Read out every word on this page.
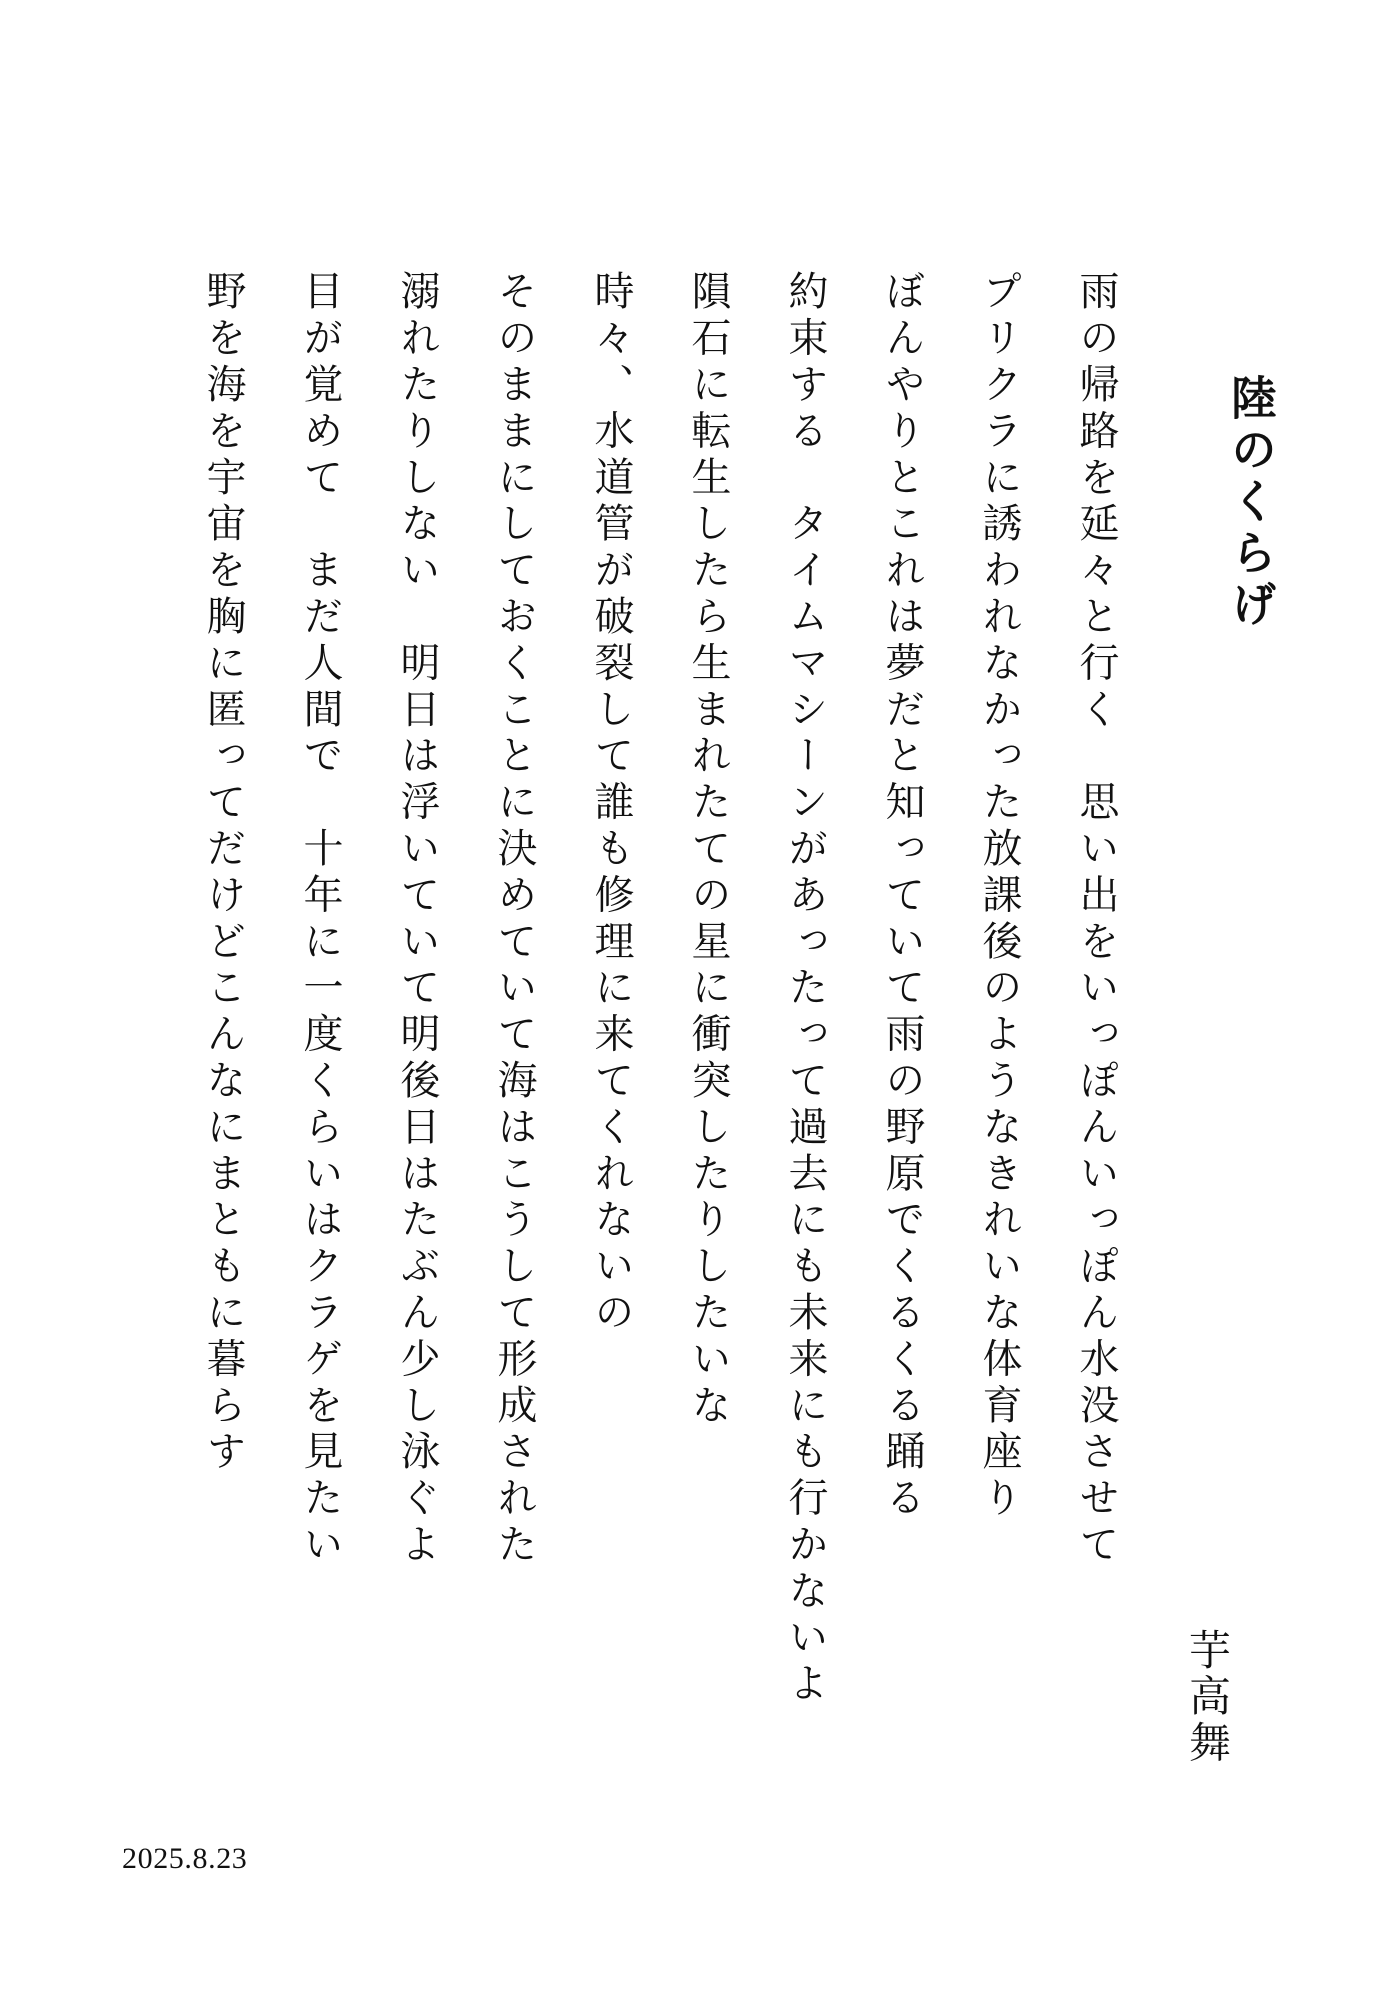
陸のくらげ
雨の帰路を延々と行く　思い出をいっぽんいっぽん水没させて
プリクラに誘われなかった放課後のようなきれいな体育座り
ぼんやりとこれは夢だと知っていて雨の野原でくるくる踊る
約束する　タイムマシーンがあったって過去にも未来にも行かないよ
隕石に転生したら生まれたての星に衝突したりしたいな
時々、水道管が破裂して誰も修理に来てくれないの
そのままにしておくことに決めていて海はこうして形成された
溺れたりしない　明日は浮いていて明後日はたぶん少し泳ぐよ
目が覚めて　まだ人間で　十年に一度くらいはクラゲを見たい
野を海を宇宙を胸に匿ってだけどこんなにまともに暮らす
芋高舞
2025.8.23
